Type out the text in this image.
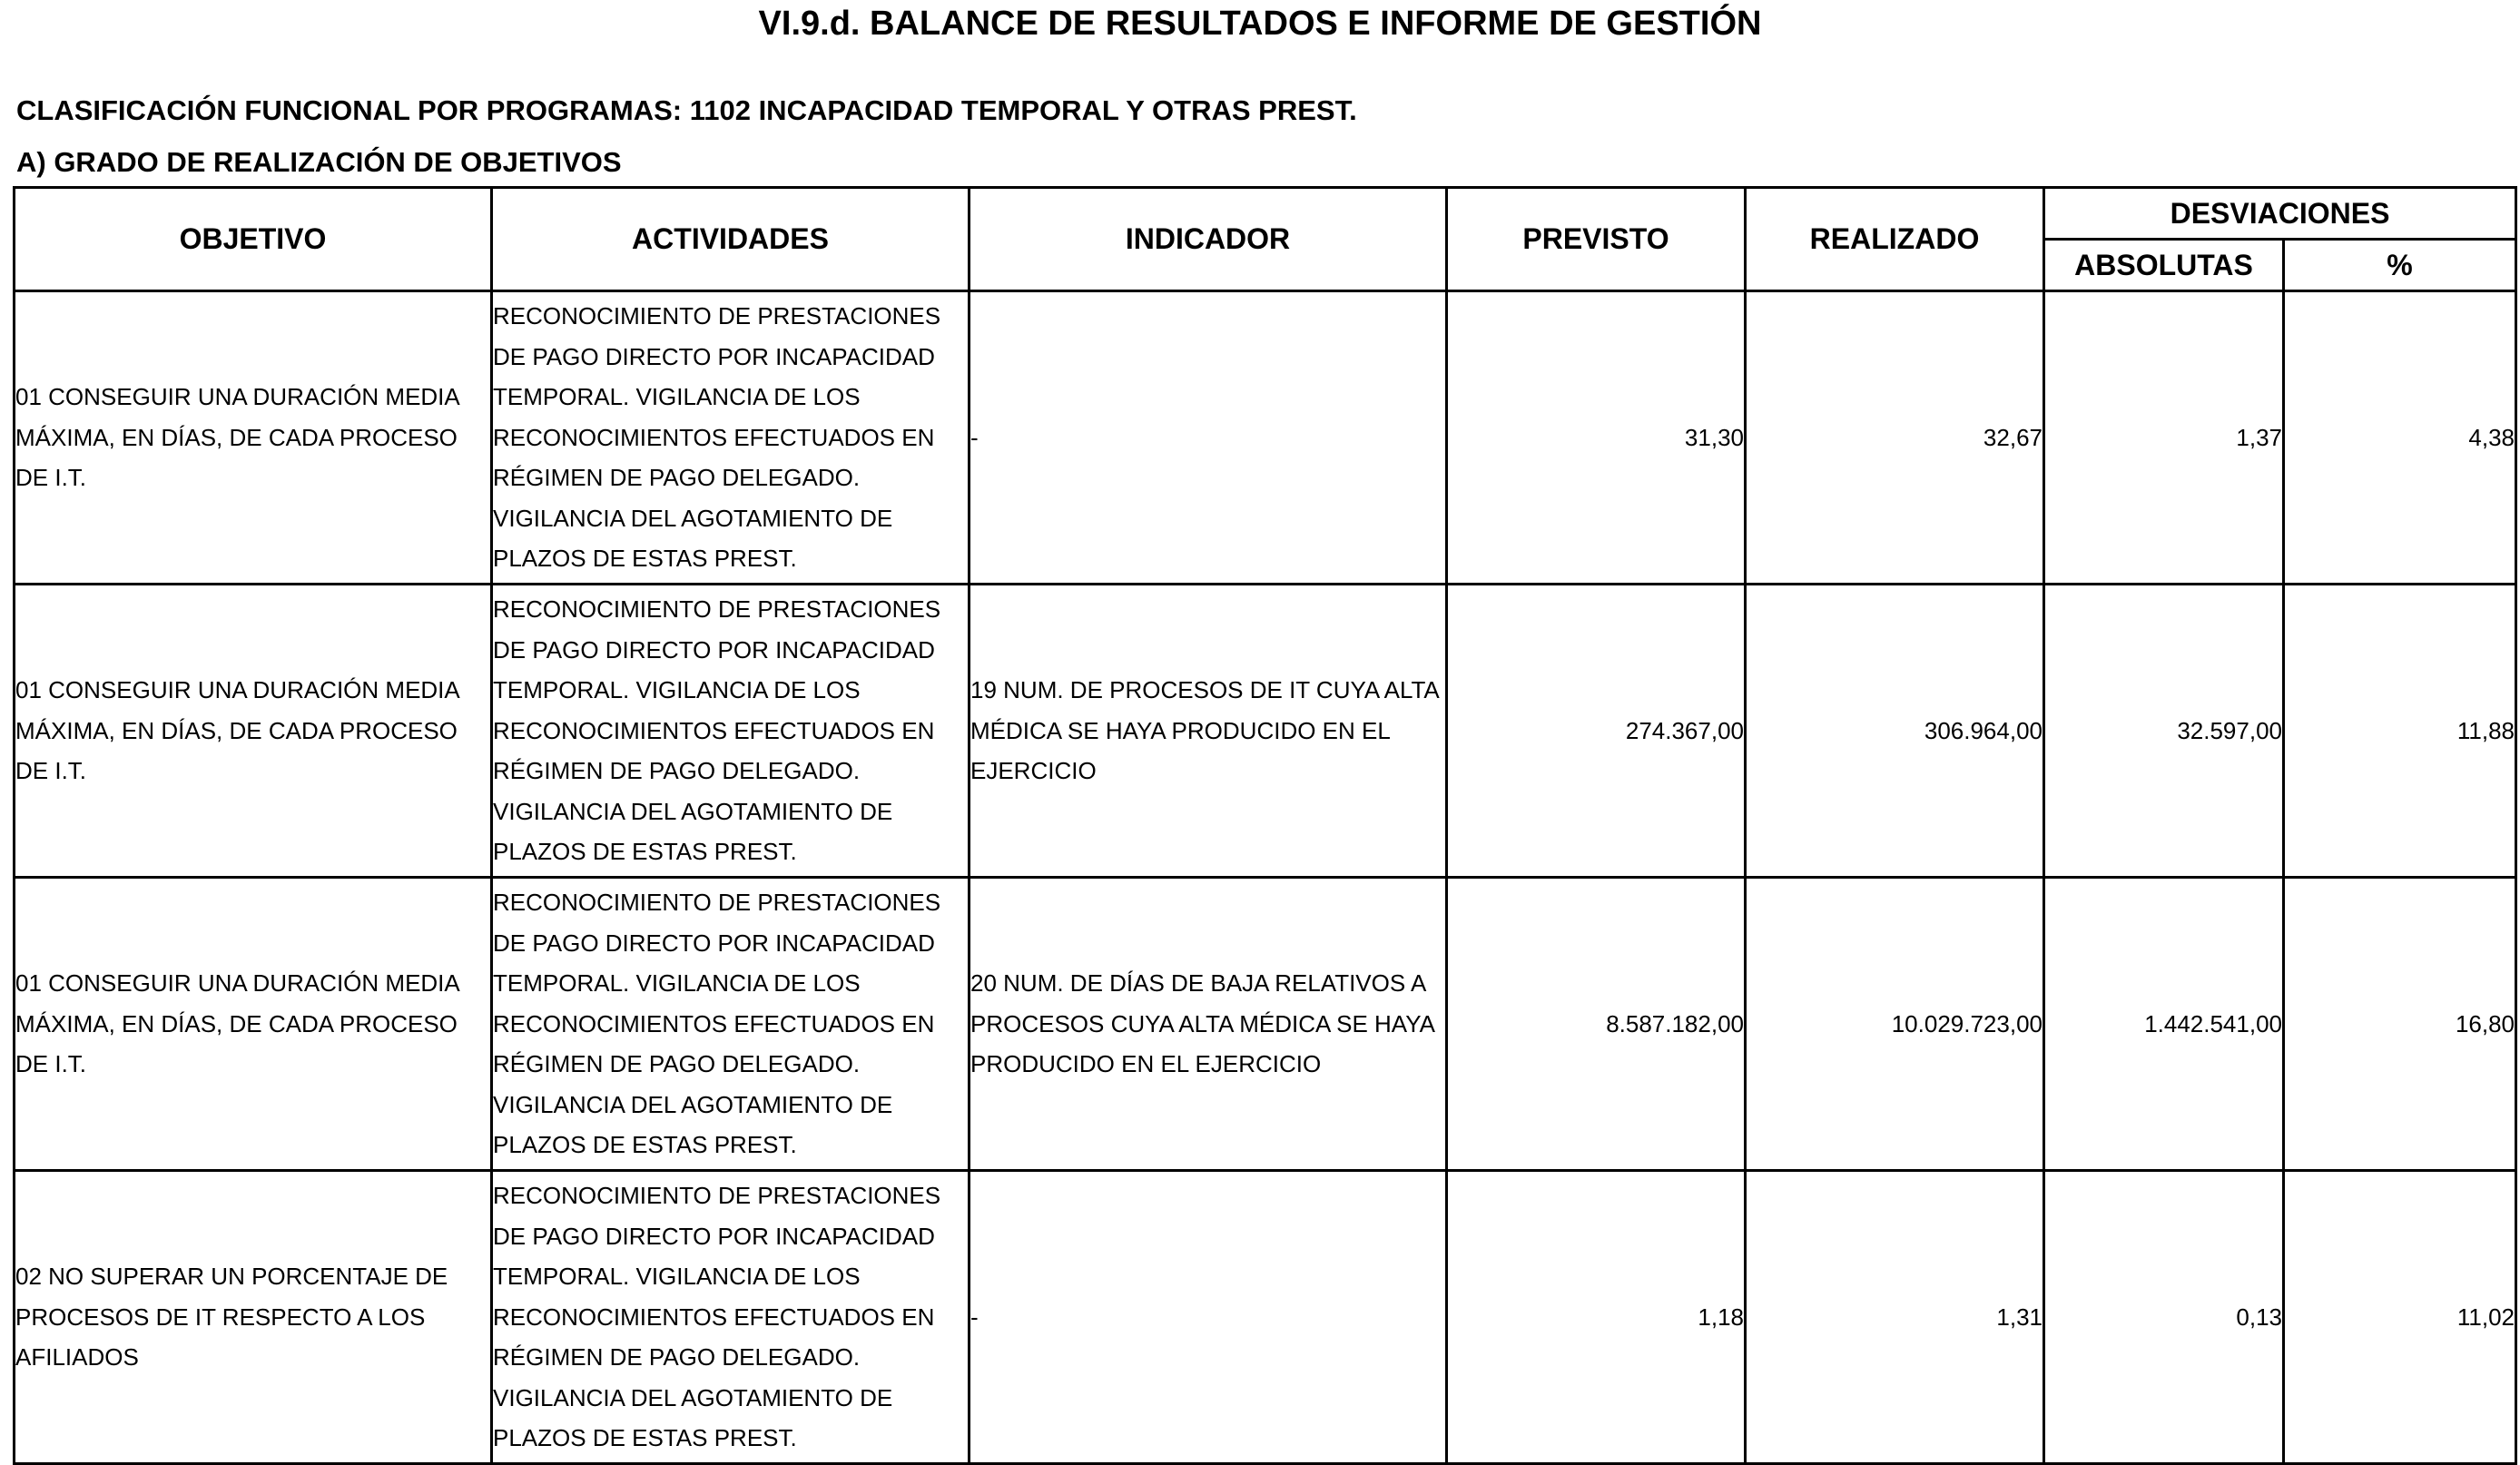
VI.9.d. BALANCE DE RESULTADOS E INFORME DE GESTIÓN
CLASIFICACIÓN FUNCIONAL POR PROGRAMAS: 1102 INCAPACIDAD TEMPORAL Y OTRAS PREST.
A) GRADO DE REALIZACIÓN DE OBJETIVOS
OBJETIVO	ACTIVIDADES	INDICADOR	PREVISTO	REALIZADO	DESVIACIONES	
					ABSOLUTAS	%
01 CONSEGUIR UNA DURACIÓN MEDIA MÁXIMA, EN DÍAS, DE CADA PROCESO DE I.T.	RECONOCIMIENTO DE PRESTACIONES DE PAGO DIRECTO POR INCAPACIDAD TEMPORAL. VIGILANCIA DE LOS RECONOCIMIENTOS EFECTUADOS EN RÉGIMEN DE PAGO DELEGADO. VIGILANCIA DEL AGOTAMIENTO DE PLAZOS DE ESTAS PREST.	-	31,30	32,67	1,37	4,38
01 CONSEGUIR UNA DURACIÓN MEDIA MÁXIMA, EN DÍAS, DE CADA PROCESO DE I.T.	RECONOCIMIENTO DE PRESTACIONES DE PAGO DIRECTO POR INCAPACIDAD TEMPORAL. VIGILANCIA DE LOS RECONOCIMIENTOS EFECTUADOS EN RÉGIMEN DE PAGO DELEGADO. VIGILANCIA DEL AGOTAMIENTO DE PLAZOS DE ESTAS PREST.	19 NUM. DE PROCESOS DE IT CUYA ALTA MÉDICA SE HAYA PRODUCIDO EN EL EJERCICIO	274.367,00	306.964,00	32.597,00	11,88
01 CONSEGUIR UNA DURACIÓN MEDIA MÁXIMA, EN DÍAS, DE CADA PROCESO DE I.T.	RECONOCIMIENTO DE PRESTACIONES DE PAGO DIRECTO POR INCAPACIDAD TEMPORAL. VIGILANCIA DE LOS RECONOCIMIENTOS EFECTUADOS EN RÉGIMEN DE PAGO DELEGADO. VIGILANCIA DEL AGOTAMIENTO DE PLAZOS DE ESTAS PREST.	20 NUM. DE DÍAS DE BAJA RELATIVOS A PROCESOS CUYA ALTA MÉDICA SE HAYA PRODUCIDO EN EL EJERCICIO	8.587.182,00	10.029.723,00	1.442.541,00	16,80
02 NO SUPERAR UN PORCENTAJE DE PROCESOS DE IT RESPECTO A LOS AFILIADOS	RECONOCIMIENTO DE PRESTACIONES DE PAGO DIRECTO POR INCAPACIDAD TEMPORAL. VIGILANCIA DE LOS RECONOCIMIENTOS EFECTUADOS EN RÉGIMEN DE PAGO DELEGADO. VIGILANCIA DEL AGOTAMIENTO DE PLAZOS DE ESTAS PREST.	-	1,18	1,31	0,13	11,02
